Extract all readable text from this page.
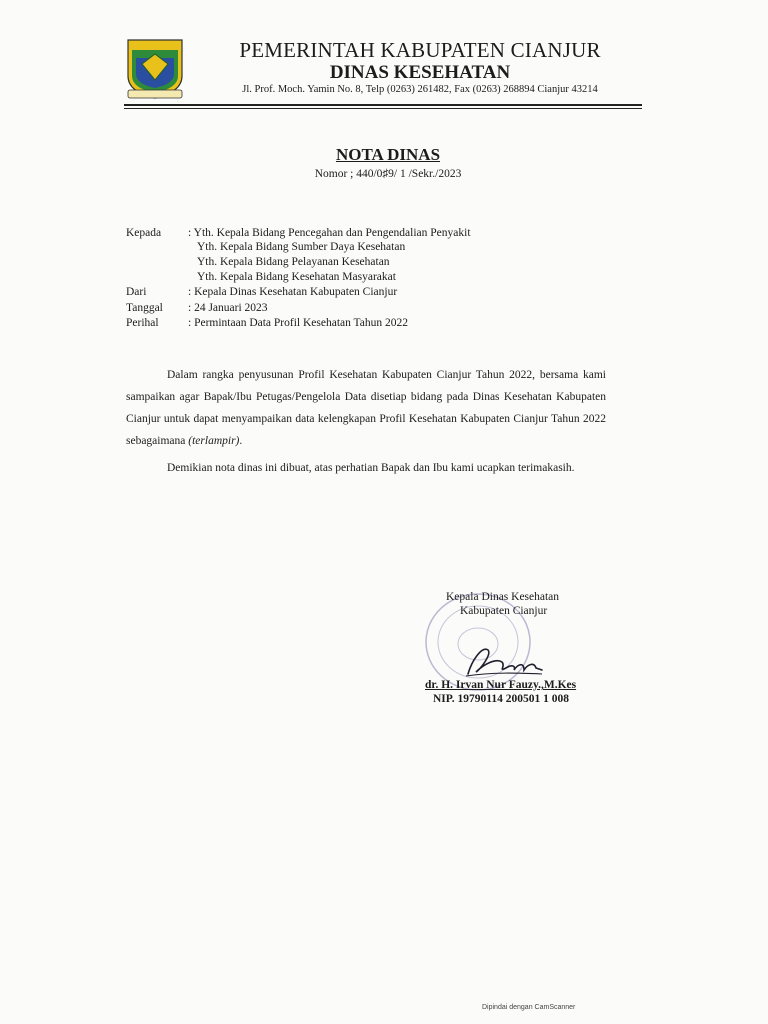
PEMERINTAH KABUPATEN CIANJUR
DINAS KESEHATAN
Jl. Prof. Moch. Yamin No. 8, Telp (0263) 261482, Fax (0263) 268894 Cianjur 43214
NOTA DINAS
Nomor ; 440/0♯9/ 1 /Sekr./2023
Kepada : Yth. Kepala Bidang Pencegahan dan Pengendalian Penyakit
Yth. Kepala Bidang Sumber Daya Kesehatan
Yth. Kepala Bidang Pelayanan Kesehatan
Yth. Kepala Bidang Kesehatan Masyarakat
Dari	: Kepala Dinas Kesehatan Kabupaten Cianjur
Tanggal : 24 Januari 2023
Perihal	: Permintaan Data Profil Kesehatan Tahun 2022
Dalam rangka penyusunan Profil Kesehatan Kabupaten Cianjur Tahun 2022, bersama kami sampaikan agar Bapak/Ibu Petugas/Pengelola Data disetiap bidang pada Dinas Kesehatan Kabupaten Cianjur untuk dapat menyampaikan data kelengkapan Profil Kesehatan Kabupaten Cianjur Tahun 2022 sebagaimana (terlampir).
Demikian nota dinas ini dibuat, atas perhatian Bapak dan Ibu kami ucapkan terimakasih.
Kepala Dinas Kesehatan
Kabupaten Cianjur
dr. H. Irvan Nur Fauzy.,M.Kes
NIP. 19790114 200501 1 008
Dipindai dengan CamScanner
